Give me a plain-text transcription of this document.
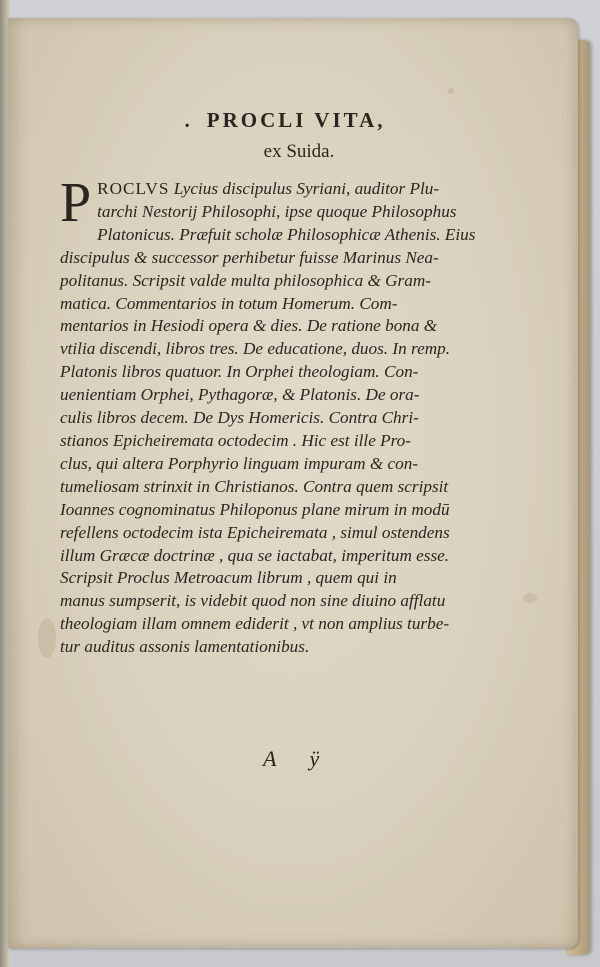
. PROCLI VITA,
ex Suida.
P ROCLVS Lycius discipulus Syriani, auditor Plu-
tarchi Nestorij Philosophi, ipse quoque Philosophus
Platonicus. Præfuit scholæ Philosophicæ Athenis. Eius
discipulus & successor perhibetur fuisse Marinus Nea-
politanus. Scripsit valde multa philosophica & Gram-
matica. Commentarios in totum Homerum. Com-
mentarios in Hesiodi opera & dies. De ratione bona &
vtilia discendi, libros tres. De educatione, duos. In remp.
Platonis libros quatuor. In Orphei theologiam. Con-
uenientiam Orphei, Pythagoræ, & Platonis. De ora-
culis libros decem. De Dys Homericis. Contra Chri-
stianos Epicheiremata octodecim . Hic est ille Pro-
clus, qui altera Porphyrio linguam impuram & con-
tumeliosam strinxit in Christianos. Contra quem scripsit
Ioannes cognominatus Philoponus plane mirum in modū
refellens octodecim ista Epicheiremata , simul ostendens
illum Græcæ doctrinæ , qua se iactabat, imperitum esse.
Scripsit Proclus Metroacum librum , quem qui in
manus sumpserit, is videbit quod non sine diuino afflatu
theologiam illam omnem ediderit , vt non amplius turbe-
tur auditus assonis lamentationibus.
A ÿ
